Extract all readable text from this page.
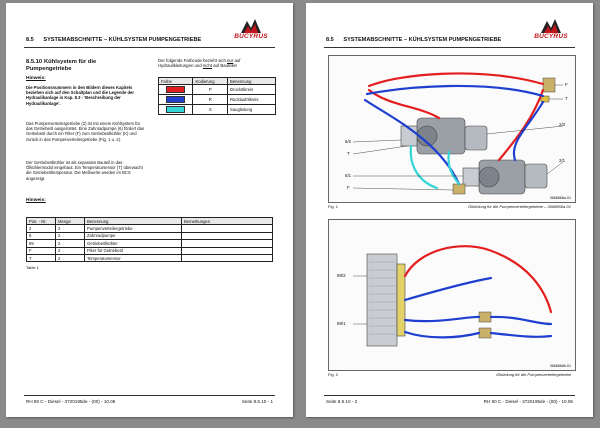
8.5 SYSTEMABSCHNITTE – KÜHLSYSTEM PUMPENGETRIEBE	BUCYRUS
8.5.10 Kühlsystem für die Pumpengetriebe
Hinweis:
Die Positionsnummern in den Bildern dieses Kapitels beziehen sich auf den Schaltplan und die Legende der Hydraulikanlage in Kap. 8.3 - 'Beschreibung der Hydraulikanlage'.
Das Pumpenverteilergetriebe (2) ist mit einem Kühlsystem für das Getriebeöl ausgerüstet. Eine Zahnradpumpe (6) fördert das Getriebeöl durch ein Filter (F) zum Getriebeölkühler (K) und zurück in das Pumpenverteilergetriebe (Fig. 1 u. 2).
Der Getriebeölkühler ist als separates Bauteil in das Ölkühlermodul eingebaut. Ein Temperatursensor (T) überwacht die Getriebeöltemperatur. Die Meßwerte werden im BCS angezeigt.
Hinweis:
Der folgende Farbcode bezieht sich nur auf Hydraulikleitungen und nicht auf Bauteile!
Farbe	Kodierung	Benennung

	P	Druckölkreis

	R	Rücklaufölkreis

	S	Saugleitung
Pos. - Nr.	Menge	Benennung	Bemerkungen
2	2	Pumpenverteilergetriebe	
6	2	Zahnradpumpe	
89	2	Getriebeölkühler	
F	2	Filter für Getriebeöl	
T	2	Temperatursensor	
Table 1
RH 90 C - Diesel - 3720195de - (00) - 10.06	Seite 8.5.10 - 1
8.5 SYSTEMABSCHNITTE – KÜHLSYSTEM PUMPENGETRIEBE	BUCYRUS
F
T
2/2
6/2
T
6/1
F
2/1
3668868a-01
Fig. 1	Ölkühlung für die Pumpenverteilergetriebe – 3668868a-01
89/2
89/1
3668868b-01
Fig. 2	Ölkühlung für die Pumpenverteilergetriebe
Seite 8.5.10 - 2	RH 90 C - Diesel - 3720195de - (00) - 10.06
